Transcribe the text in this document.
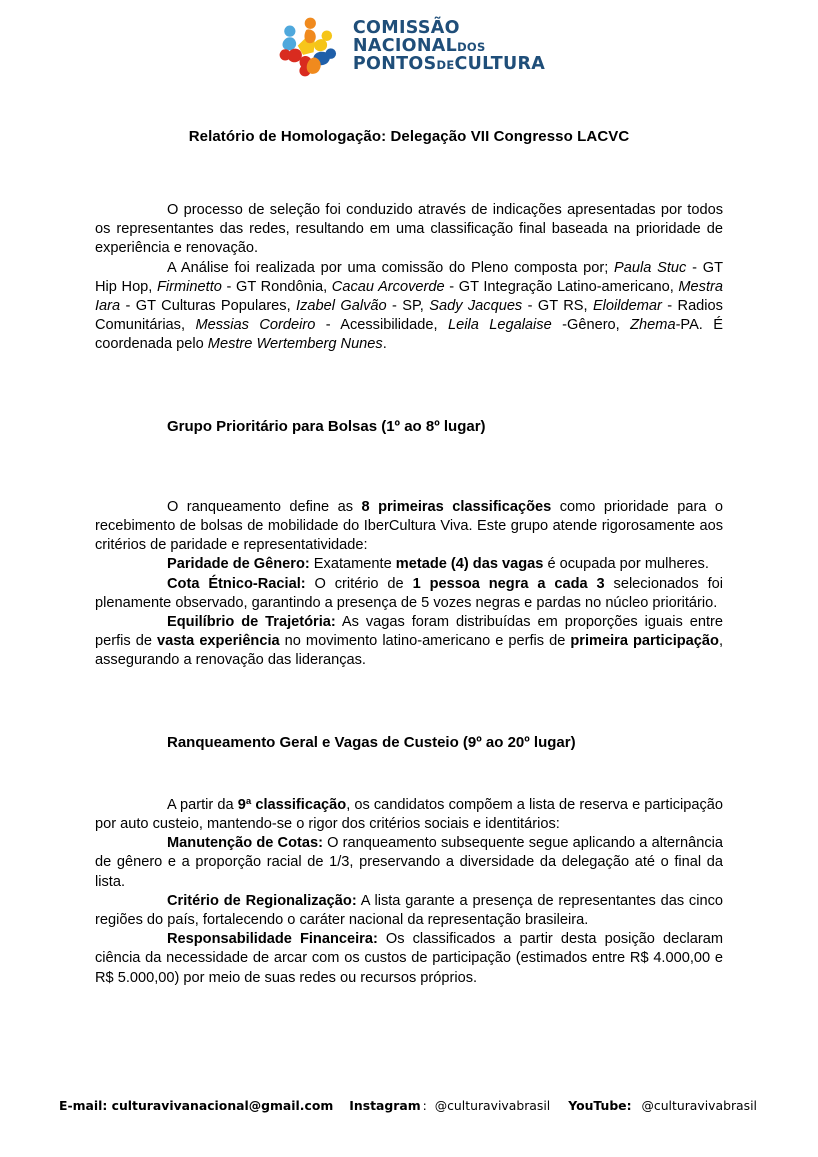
COMISSÃO
NACIONALDOS
PONTOSDECULTURA
Relatório de Homologação: Delegação VII Congresso LACVC

O processo de seleção foi conduzido através de indicações apresentadas por todos os representantes das redes, resultando em uma classificação final baseada na prioridade de experiência e renovação.

A Análise foi realizada por uma comissão do Pleno composta por; Paula Stuc - GT Hip Hop, Firminetto - GT Rondônia, Cacau Arcoverde - GT Integração Latino-americano, Mestra Iara - GT Culturas Populares, Izabel Galvão - SP, Sady Jacques - GT RS, Eloildemar - Radios Comunitárias, Messias Cordeiro - Acessibilidade, Leila Legalaise -Gênero, Zhema-PA. É coordenada pelo Mestre Wertemberg Nunes.

Grupo Prioritário para Bolsas (1º ao 8º lugar)

O ranqueamento define as 8 primeiras classificações como prioridade para o recebimento de bolsas de mobilidade do IberCultura Viva. Este grupo atende rigorosamente aos critérios de paridade e representatividade:

Paridade de Gênero: Exatamente metade (4) das vagas é ocupada por mulheres.

Cota Étnico-Racial: O critério de 1 pessoa negra a cada 3 selecionados foi plenamente observado, garantindo a presença de 5 vozes negras e pardas no núcleo prioritário.

Equilíbrio de Trajetória: As vagas foram distribuídas em proporções iguais entre perfis de vasta experiência no movimento latino-americano e perfis de primeira participação, assegurando a renovação das lideranças.

Ranqueamento Geral e Vagas de Custeio (9º ao 20º lugar)

A partir da 9ª classificação, os candidatos compõem a lista de reserva e participação por auto custeio, mantendo-se o rigor dos critérios sociais e identitários:

Manutenção de Cotas: O ranqueamento subsequente segue aplicando a alternância de gênero e a proporção racial de 1/3, preservando a diversidade da delegação até o final da lista.

Critério de Regionalização: A lista garante a presença de representantes das cinco regiões do país, fortalecendo o caráter nacional da representação brasileira.

Responsabilidade Financeira: Os classificados a partir desta posição declaram ciência da necessidade de arcar com os custos de participação (estimados entre R$ 4.000,00 e R$ 5.000,00) por meio de suas redes ou recursos próprios.

E-mail: culturavivanacional@gmail.com Instagram : @culturavivabrasil YouTube: @culturavivabrasil
